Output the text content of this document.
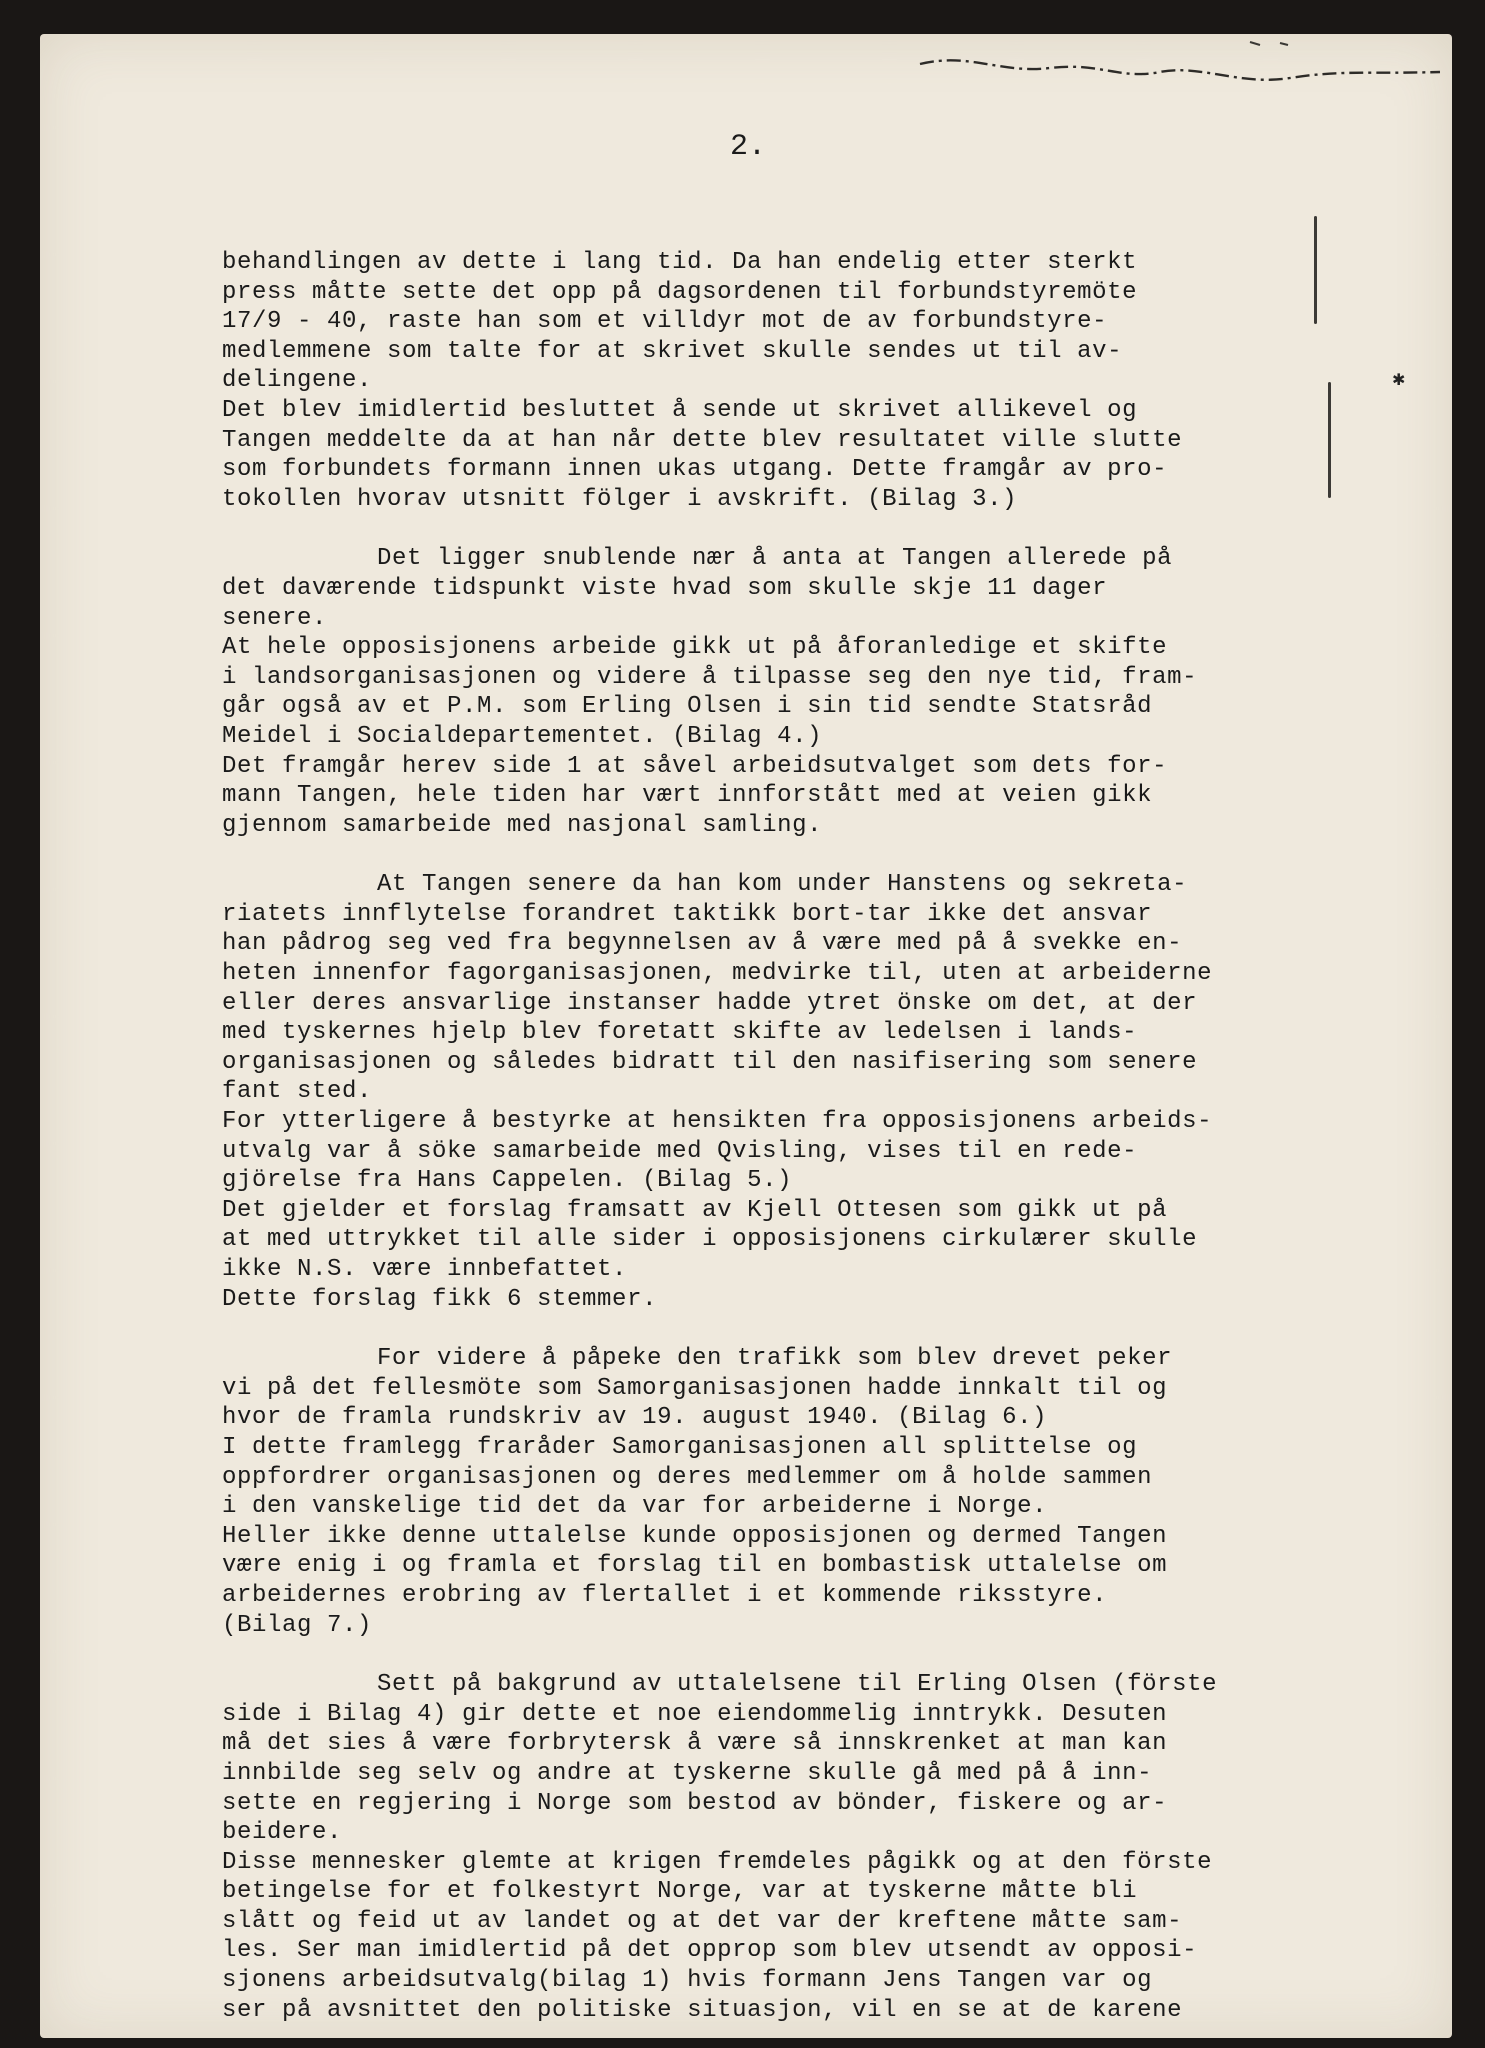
2.
✱
behandlingen av dette i lang tid. Da han endelig etter sterkt
press måtte sette det opp på dagsordenen til forbundstyremöte
17/9 - 40, raste han som et villdyr mot de av forbundstyre-
medlemmene som talte for at skrivet skulle sendes ut til av-
delingene.
Det blev imidlertid besluttet å sende ut skrivet allikevel og
Tangen meddelte da at han når dette blev resultatet ville slutte
som forbundets formann innen ukas utgang. Dette framgår av pro-
tokollen hvorav utsnitt fölger i avskrift. (Bilag 3.)
Det ligger snublende nær å anta at Tangen allerede på
det daværende tidspunkt viste hvad som skulle skje 11 dager
senere.
At hele opposisjonens arbeide gikk ut på åforanledige et skifte
i landsorganisasjonen og videre å tilpasse seg den nye tid, fram-
går også av et P.M. som Erling Olsen i sin tid sendte Statsråd
Meidel i Socialdepartementet. (Bilag 4.)
Det framgår herev side 1 at såvel arbeidsutvalget som dets for-
mann Tangen, hele tiden har vært innforstått med at veien gikk
gjennom samarbeide med nasjonal samling.
At Tangen senere da han kom under Hanstens og sekreta-
riatets innflytelse forandret taktikk bort-tar ikke det ansvar
han pådrog seg ved fra begynnelsen av å være med på å svekke en-
heten innenfor fagorganisasjonen, medvirke til, uten at arbeiderne
eller deres ansvarlige instanser hadde ytret önske om det, at der
med tyskernes hjelp blev foretatt skifte av ledelsen i lands-
organisasjonen og således bidratt til den nasifisering som senere
fant sted.
For ytterligere å bestyrke at hensikten fra opposisjonens arbeids-
utvalg var å söke samarbeide med Qvisling, vises til en rede-
gjörelse fra Hans Cappelen. (Bilag 5.)
Det gjelder et forslag framsatt av Kjell Ottesen som gikk ut på
at med uttrykket til alle sider i opposisjonens cirkulærer skulle
ikke N.S. være innbefattet.
Dette forslag fikk 6 stemmer.
For videre å påpeke den trafikk som blev drevet peker
vi på det fellesmöte som Samorganisasjonen hadde innkalt til og
hvor de framla rundskriv av 19. august 1940. (Bilag 6.)
I dette framlegg fraråder Samorganisasjonen all splittelse og
oppfordrer organisasjonen og deres medlemmer om å holde sammen
i den vanskelige tid det da var for arbeiderne i Norge.
Heller ikke denne uttalelse kunde opposisjonen og dermed Tangen
være enig i og framla et forslag til en bombastisk uttalelse om
arbeidernes erobring av flertallet i et kommende riksstyre.
(Bilag 7.)
Sett på bakgrund av uttalelsene til Erling Olsen (förste
side i Bilag 4) gir dette et noe eiendommelig inntrykk. Desuten
må det sies å være forbrytersk å være så innskrenket at man kan
innbilde seg selv og andre at tyskerne skulle gå med på å inn-
sette en regjering i Norge som bestod av bönder, fiskere og ar-
beidere.
Disse mennesker glemte at krigen fremdeles pågikk og at den förste
betingelse for et folkestyrt Norge, var at tyskerne måtte bli
slått og feid ut av landet og at det var der kreftene måtte sam-
les. Ser man imidlertid på det opprop som blev utsendt av opposi-
sjonens arbeidsutvalg(bilag 1) hvis formann Jens Tangen var og
ser på avsnittet den politiske situasjon, vil en se at de karene
